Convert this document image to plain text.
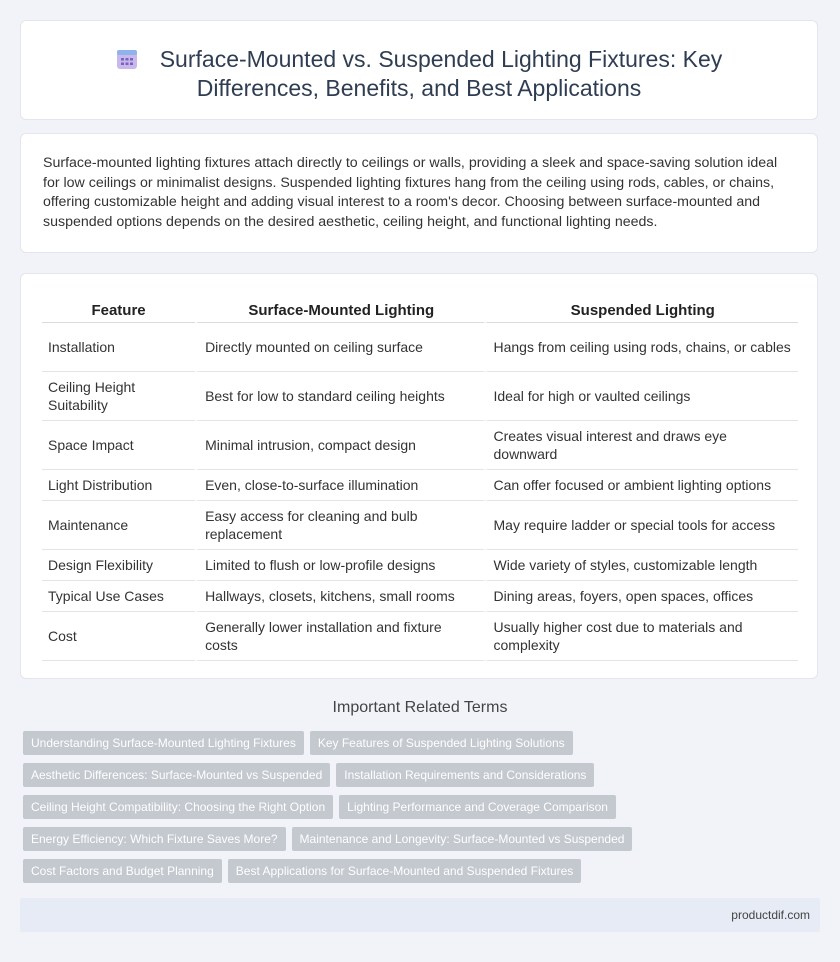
Surface-Mounted vs. Suspended Lighting Fixtures: Key Differences, Benefits, and Best Applications
Surface-mounted lighting fixtures attach directly to ceilings or walls, providing a sleek and space-saving solution ideal for low ceilings or minimalist designs. Suspended lighting fixtures hang from the ceiling using rods, cables, or chains, offering customizable height and adding visual interest to a room's decor. Choosing between surface-mounted and suspended options depends on the desired aesthetic, ceiling height, and functional lighting needs.
Feature	Surface-Mounted Lighting	Suspended Lighting
Installation	Directly mounted on ceiling surface	Hangs from ceiling using rods, chains, or cables
Ceiling Height Suitability	Best for low to standard ceiling heights	Ideal for high or vaulted ceilings
Space Impact	Minimal intrusion, compact design	Creates visual interest and draws eye downward
Light Distribution	Even, close-to-surface illumination	Can offer focused or ambient lighting options
Maintenance	Easy access for cleaning and bulb replacement	May require ladder or special tools for access
Design Flexibility	Limited to flush or low-profile designs	Wide variety of styles, customizable length
Typical Use Cases	Hallways, closets, kitchens, small rooms	Dining areas, foyers, open spaces, offices
Cost	Generally lower installation and fixture costs	Usually higher cost due to materials and complexity
Important Related Terms
Understanding Surface-Mounted Lighting Fixtures Key Features of Suspended Lighting Solutions
Aesthetic Differences: Surface-Mounted vs Suspended Installation Requirements and Considerations
Ceiling Height Compatibility: Choosing the Right Option Lighting Performance and Coverage Comparison
Energy Efficiency: Which Fixture Saves More? Maintenance and Longevity: Surface-Mounted vs Suspended
Cost Factors and Budget Planning Best Applications for Surface-Mounted and Suspended Fixtures
productdif.com
